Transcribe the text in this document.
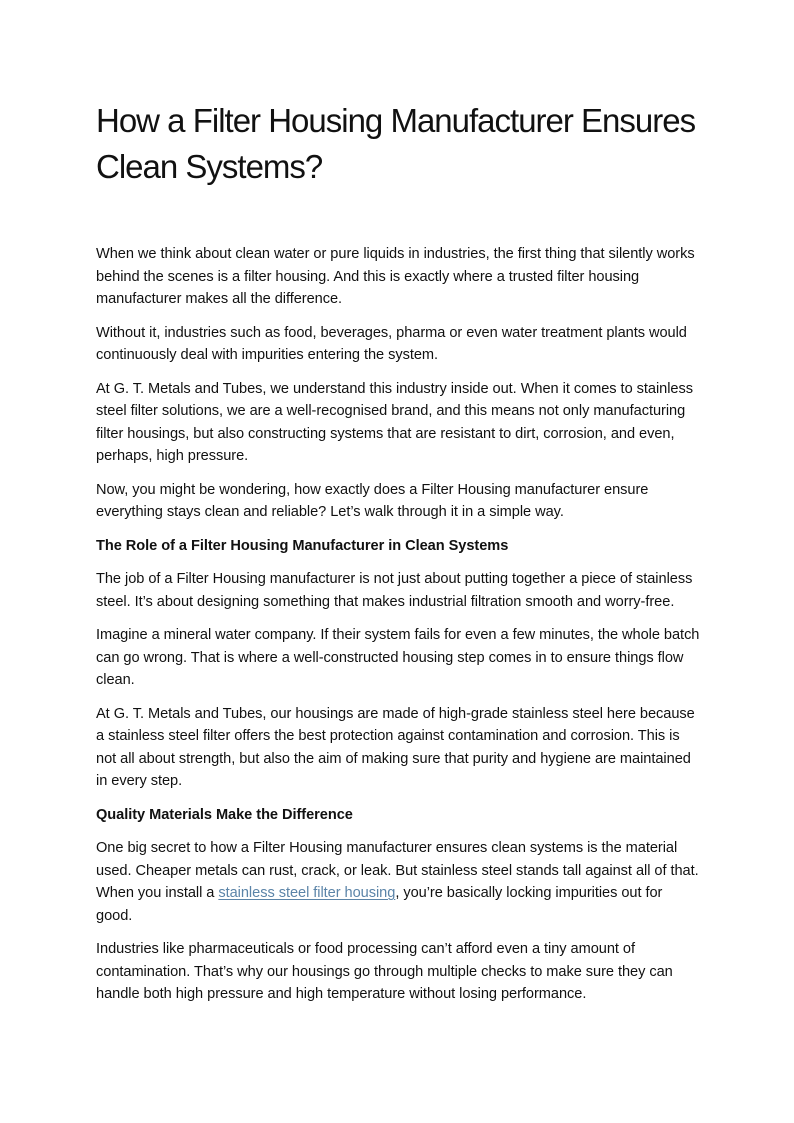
How a Filter Housing Manufacturer Ensures Clean Systems?

When we think about clean water or pure liquids in industries, the first thing that silently works behind the scenes is a filter housing. And this is exactly where a trusted filter housing manufacturer makes all the difference.

Without it, industries such as food, beverages, pharma or even water treatment plants would continuously deal with impurities entering the system.

At G. T. Metals and Tubes, we understand this industry inside out. When it comes to stainless steel filter solutions, we are a well-recognised brand, and this means not only manufacturing filter housings, but also constructing systems that are resistant to dirt, corrosion, and even, perhaps, high pressure.

Now, you might be wondering, how exactly does a Filter Housing manufacturer ensure everything stays clean and reliable? Let’s walk through it in a simple way.

The Role of a Filter Housing Manufacturer in Clean Systems

The job of a Filter Housing manufacturer is not just about putting together a piece of stainless steel. It’s about designing something that makes industrial filtration smooth and worry-free.

Imagine a mineral water company. If their system fails for even a few minutes, the whole batch can go wrong. That is where a well-constructed housing step comes in to ensure things flow clean.

At G. T. Metals and Tubes, our housings are made of high-grade stainless steel here because a stainless steel filter offers the best protection against contamination and corrosion. This is not all about strength, but also the aim of making sure that purity and hygiene are maintained in every step.

Quality Materials Make the Difference

One big secret to how a Filter Housing manufacturer ensures clean systems is the material used. Cheaper metals can rust, crack, or leak. But stainless steel stands tall against all of that. When you install a stainless steel filter housing, you’re basically locking impurities out for good.

Industries like pharmaceuticals or food processing can’t afford even a tiny amount of contamination. That’s why our housings go through multiple checks to make sure they can handle both high pressure and high temperature without losing performance.
